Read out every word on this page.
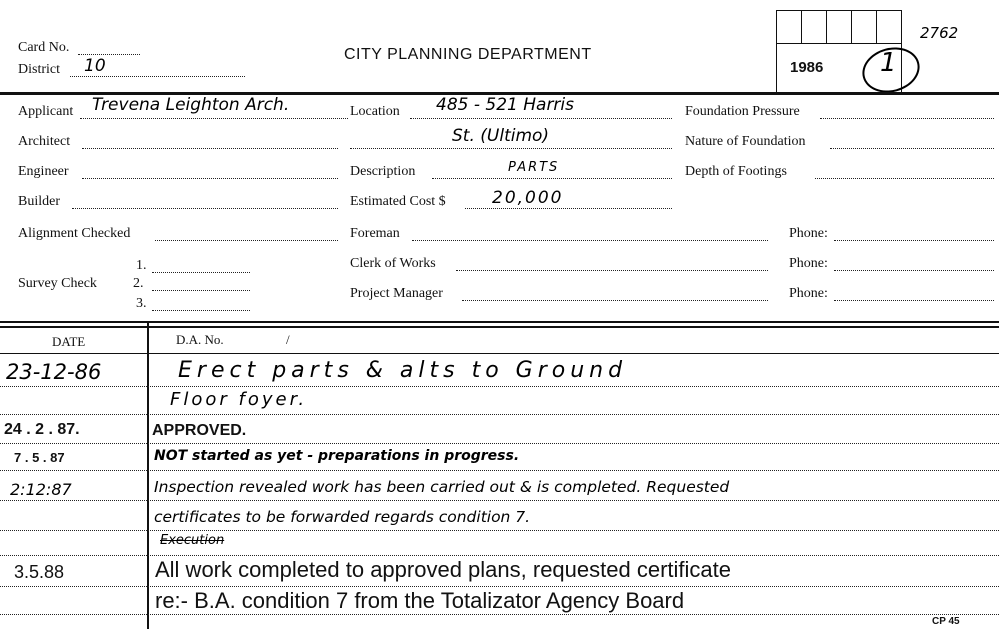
Card No.
District 10
CITY PLANNING DEPARTMENT
2762
1986 1
Applicant Trevena Leighton Arch.
Architect
Engineer
Builder
Alignment Checked
Survey Check
1.
2.
3.
Location 485 - 521 Harris
St. (Ultimo)
Description	PARTS
Estimated Cost $	20,000
Foreman	Phone:
Clerk of Works	Phone:
Project Manager	Phone:
Foundation Pressure
Nature of Foundation
Depth of Footings
DATE	D.A. No.	/
23-12-86	Erect parts & alts to Ground
Floor foyer.
24 . 2 . 87.	APPROVED.
7 . 5 . 87	NOT started as yet - preparations in progress.
2:12:87	Inspection revealed work has been carried out & is completed. Requested
certificates to be forwarded regards condition 7.
Execution
3.5.88	All work completed to approved plans, requested certificate
re:- B.A. condition 7 from the Totalizator Agency Board
CP 45
